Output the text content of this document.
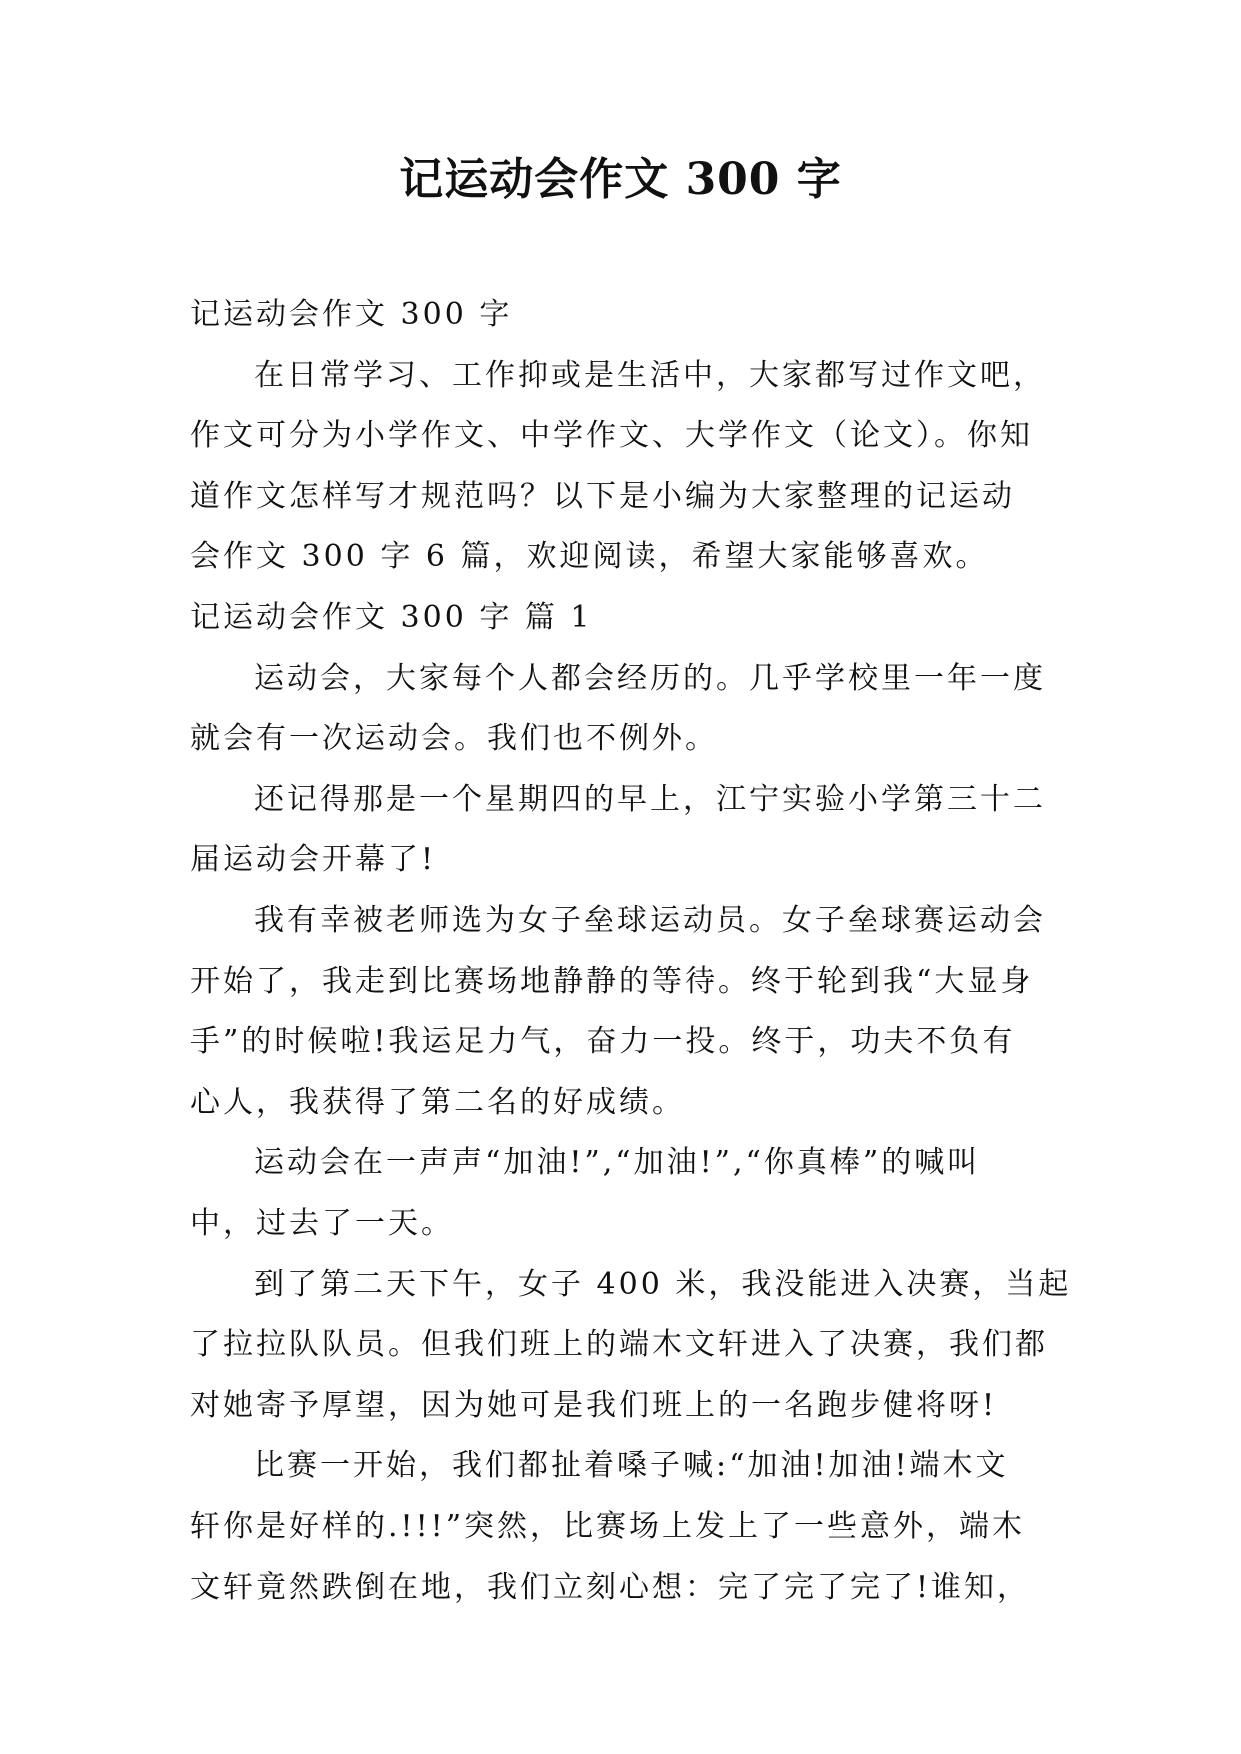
记运动会作文 300 字
记运动会作文 300 字
在日常学习、工作抑或是生活中，大家都写过作文吧，
作文可分为小学作文、中学作文、大学作文（论文）。你知
道作文怎样写才规范吗？以下是小编为大家整理的记运动
会作文 300 字 6 篇，欢迎阅读，希望大家能够喜欢。
记运动会作文 300 字 篇 1
运动会，大家每个人都会经历的。几乎学校里一年一度
就会有一次运动会。我们也不例外。
还记得那是一个星期四的早上，江宁实验小学第三十二
届运动会开幕了!
我有幸被老师选为女子垒球运动员。女子垒球赛运动会
开始了，我走到比赛场地静静的等待。终于轮到我“大显身
手”的时候啦!我运足力气，奋力一投。终于，功夫不负有
心人，我获得了第二名的好成绩。
运动会在一声声“加油!”,“加油!”,“你真棒”的喊叫
中，过去了一天。
到了第二天下午，女子 400 米，我没能进入决赛，当起
了拉拉队队员。但我们班上的端木文轩进入了决赛，我们都
对她寄予厚望，因为她可是我们班上的一名跑步健将呀!
比赛一开始，我们都扯着嗓子喊:“加油!加油!端木文
轩你是好样的.!!!”突然，比赛场上发上了一些意外，端木
文轩竟然跌倒在地，我们立刻心想：完了完了完了!谁知，
